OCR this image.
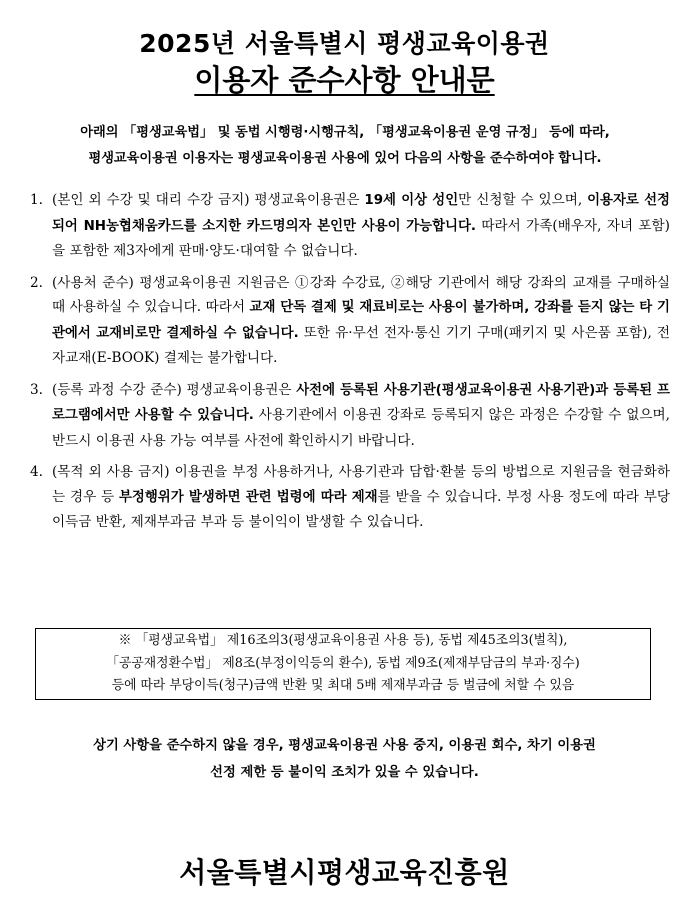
2025년 서울특별시 평생교육이용권
이용자 준수사항 안내문
아래의 「평생교육법」 및 동법 시행령·시행규칙, 「평생교육이용권 운영 규정」 등에 따라,
평생교육이용권 이용자는 평생교육이용권 사용에 있어 다음의 사항을 준수하여야 합니다.
1. (본인 외 수강 및 대리 수강 금지) 평생교육이용권은 19세 이상 성인만 신청할 수 있으며, 이용자로 선정되어 NH농협채움카드를 소지한 카드명의자 본인만 사용이 가능합니다. 따라서 가족(배우자, 자녀 포함)을 포함한 제3자에게 판매·양도·대여할 수 없습니다.
2. (사용처 준수) 평생교육이용권 지원금은 ①강좌 수강료, ②해당 기관에서 해당 강좌의 교재를 구매하실 때 사용하실 수 있습니다. 따라서 교재 단독 결제 및 재료비로는 사용이 불가하며, 강좌를 듣지 않는 타 기관에서 교재비로만 결제하실 수 없습니다. 또한 유·무선 전자·통신 기기 구매(패키지 및 사은품 포함), 전자교재(E-BOOK) 결제는 불가합니다.
3. (등록 과정 수강 준수) 평생교육이용권은 사전에 등록된 사용기관(평생교육이용권 사용기관)과 등록된 프로그램에서만 사용할 수 있습니다. 사용기관에서 이용권 강좌로 등록되지 않은 과정은 수강할 수 없으며, 반드시 이용권 사용 가능 여부를 사전에 확인하시기 바랍니다.
4. (목적 외 사용 금지) 이용권을 부정 사용하거나, 사용기관과 담합·환불 등의 방법으로 지원금을 현금화하는 경우 등 부정행위가 발생하면 관련 법령에 따라 제재를 받을 수 있습니다. 부정 사용 정도에 따라 부당이득금 반환, 제재부과금 부과 등 불이익이 발생할 수 있습니다.
※ 「평생교육법」 제16조의3(평생교육이용권 사용 등), 동법 제45조의3(벌칙),
「공공재정환수법」 제8조(부정이익등의 환수), 동법 제9조(제재부담금의 부과·징수)
등에 따라 부당이득(청구)금액 반환 및 최대 5배 제재부과금 등 벌금에 처할 수 있음
상기 사항을 준수하지 않을 경우, 평생교육이용권 사용 중지, 이용권 회수, 차기 이용권
선정 제한 등 불이익 조치가 있을 수 있습니다.
서울특별시평생교육진흥원
